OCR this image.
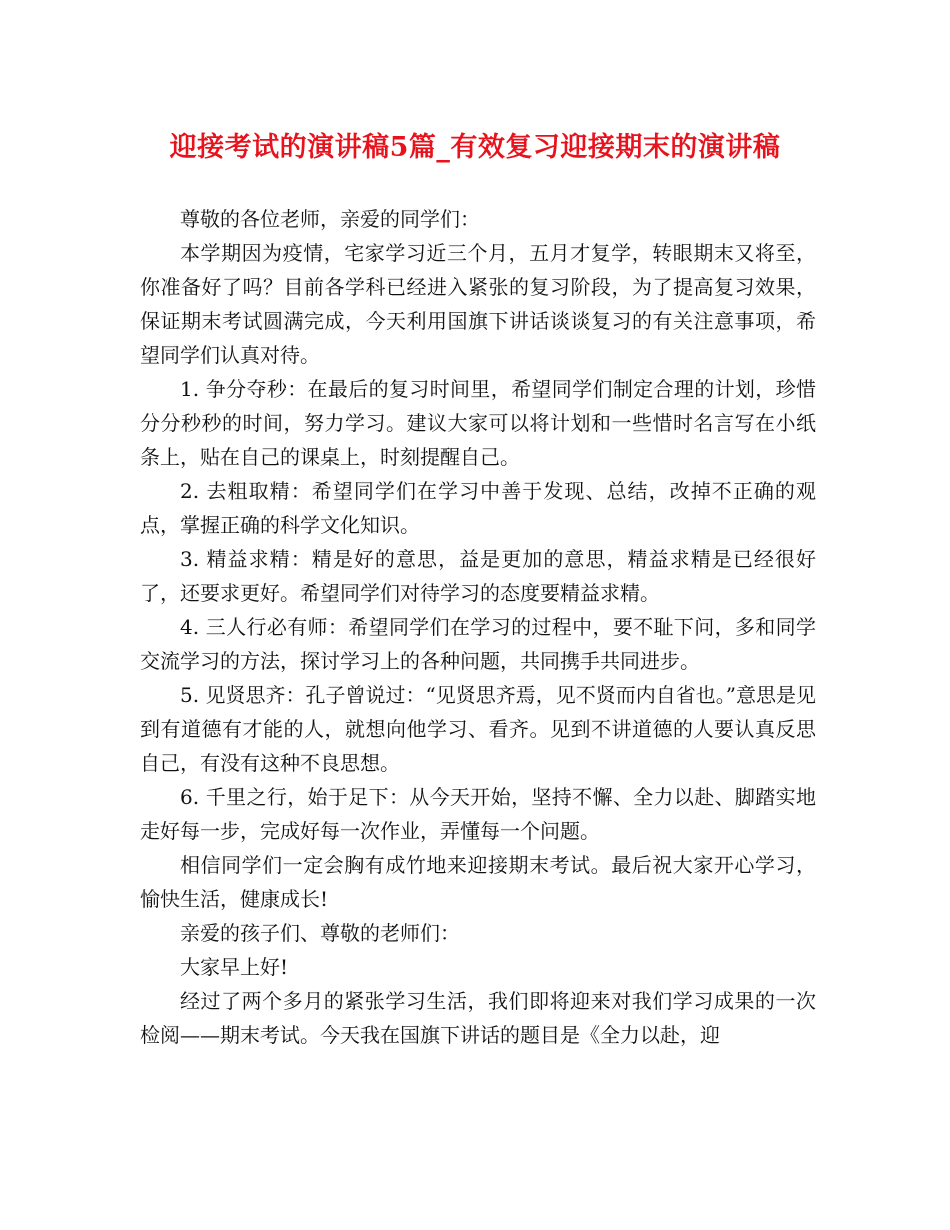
迎接考试的演讲稿5篇_有效复习迎接期末的演讲稿

尊敬的各位老师，亲爱的同学们：

本学期因为疫情，宅家学习近三个月，五月才复学，转眼期末又将至，你准备好了吗？目前各学科已经进入紧张的复习阶段，为了提高复习效果，保证期末考试圆满完成，今天利用国旗下讲话谈谈复习的有关注意事项，希望同学们认真对待。

1. 争分夺秒：在最后的复习时间里，希望同学们制定合理的计划，珍惜分分秒秒的时间，努力学习。建议大家可以将计划和一些惜时名言写在小纸条上，贴在自己的课桌上，时刻提醒自己。

2. 去粗取精：希望同学们在学习中善于发现、总结，改掉不正确的观点，掌握正确的科学文化知识。

3. 精益求精：精是好的意思，益是更加的意思，精益求精是已经很好了，还要求更好。希望同学们对待学习的态度要精益求精。

4. 三人行必有师：希望同学们在学习的过程中，要不耻下问，多和同学交流学习的方法，探讨学习上的各种问题，共同携手共同进步。

5. 见贤思齐：孔子曾说过：“见贤思齐焉，见不贤而内自省也。”意思是见到有道德有才能的人，就想向他学习、看齐。见到不讲道德的人要认真反思自己，有没有这种不良思想。

6. 千里之行，始于足下：从今天开始，坚持不懈、全力以赴、脚踏实地走好每一步，完成好每一次作业，弄懂每一个问题。

相信同学们一定会胸有成竹地来迎接期末考试。最后祝大家开心学习，愉快生活，健康成长!

亲爱的孩子们、尊敬的老师们：

大家早上好!

经过了两个多月的紧张学习生活，我们即将迎来对我们学习成果的一次检阅——期末考试。今天我在国旗下讲话的题目是《全力以赴，迎
